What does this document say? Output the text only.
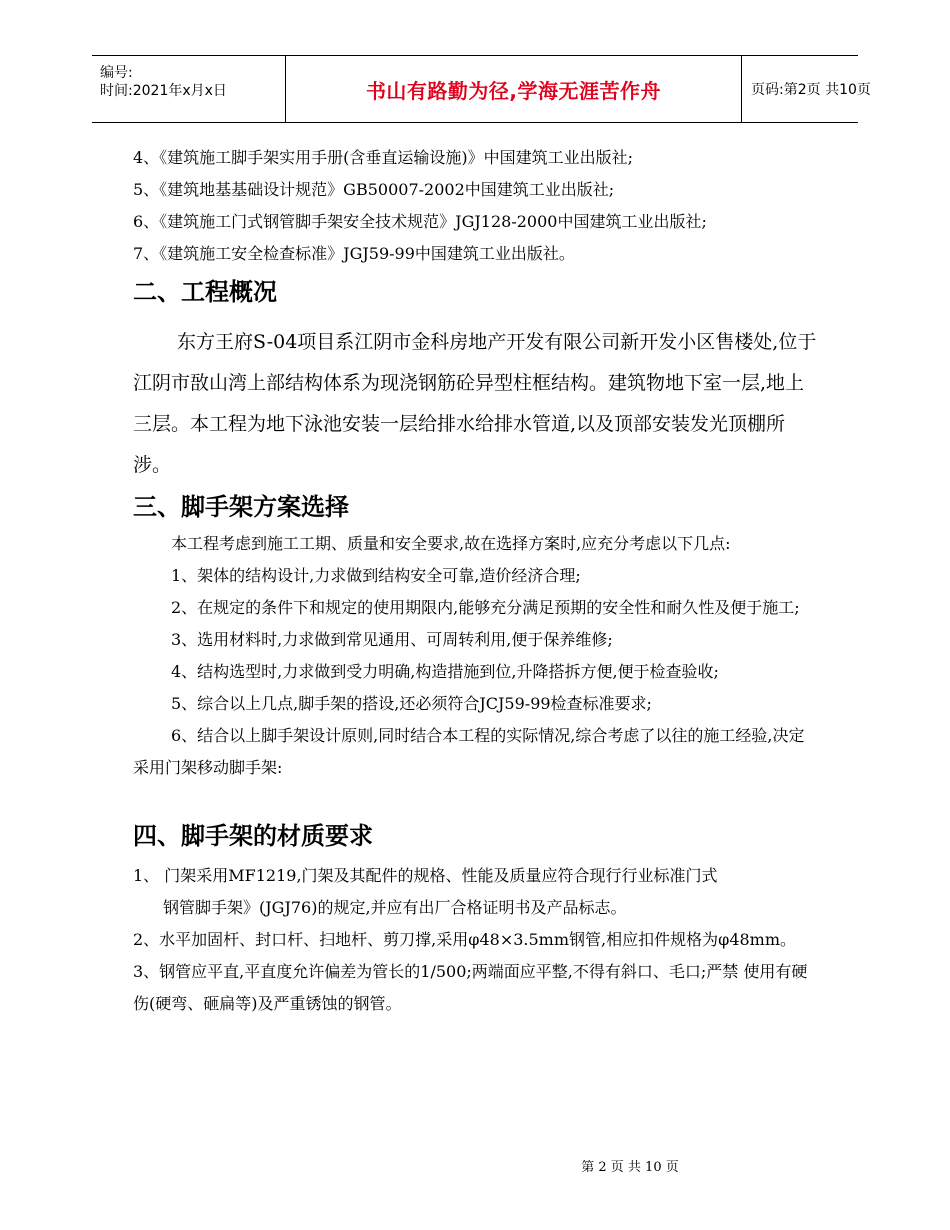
编号:
时间:2021年x月x日	书山有路勤为径,学海无涯苦作舟	页码:第2页 共10页

4、《建筑施工脚手架实用手册(含垂直运输设施)》中国建筑工业出版社;

5、《建筑地基基础设计规范》GB50007-2002中国建筑工业出版社;

6、《建筑施工门式钢管脚手架安全技术规范》JGJ128-2000中国建筑工业出版社;

7、《建筑施工安全检查标准》JGJ59-99中国建筑工业出版社。

二、工程概况

东方王府S-04项目系江阴市金科房地产开发有限公司新开发小区售楼处,位于江阴市敔山湾上部结构体系为现浇钢筋砼异型柱框结构。建筑物地下室一层,地上三层。本工程为地下泳池安装一层给排水给排水管道,以及顶部安装发光顶棚所涉。

三、脚手架方案选择

本工程考虑到施工工期、质量和安全要求,故在选择方案时,应充分考虑以下几点:

1、架体的结构设计,力求做到结构安全可靠,造价经济合理;

2、在规定的条件下和规定的使用期限内,能够充分满足预期的安全性和耐久性及便于施工;

3、选用材料时,力求做到常见通用、可周转利用,便于保养维修;

4、结构选型时,力求做到受力明确,构造措施到位,升降搭拆方便,便于检查验收;

5、综合以上几点,脚手架的搭设,还必须符合JCJ59-99检查标准要求;

6、结合以上脚手架设计原则,同时结合本工程的实际情况,综合考虑了以往的施工经验,决定采用门架移动脚手架:

四、脚手架的材质要求

1、 门架采用MF1219,门架及其配件的规格、性能及质量应符合现行行业标准门式

钢管脚手架》(JGJ76)的规定,并应有出厂合格证明书及产品标志。

2、水平加固杆、封口杆、扫地杆、剪刀撑,采用φ48×3.5mm钢管,相应扣件规格为φ48mm。

3、钢管应平直,平直度允许偏差为管长的1/500;两端面应平整,不得有斜口、毛口;严禁 使用有硬伤(硬弯、砸扁等)及严重锈蚀的钢管。

第 2 页 共 10 页
